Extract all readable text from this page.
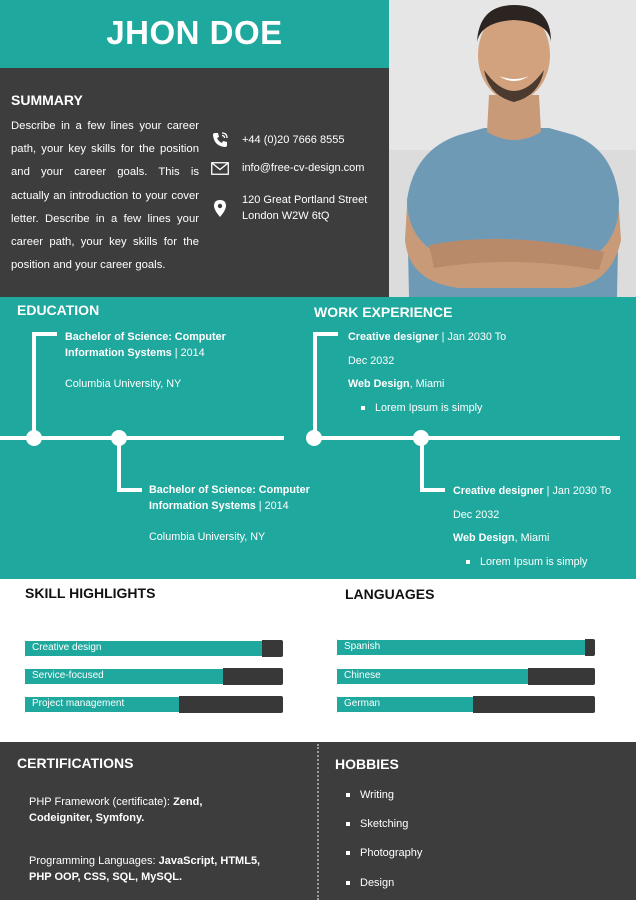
JHON DOE
SUMMARY
Describe in a few lines your career path, your key skills for the position and your career goals. This is actually an introduction to your cover letter. Describe in a few lines your career path, your key skills for the position and your career goals.
+44 (0)20 7666 8555
info@free-cv-design.com
120 Great Portland Street
London W2W 6tQ
EDUCATION	WORK EXPERIENCE
Bachelor of Science: Computer Information Systems | 2014
Columbia University, NY
Bachelor of Science: Computer Information Systems | 2014
Columbia University, NY
Creative designer | Jan 2030 To
Dec 2032
Web Design, Miami
Lorem Ipsum is simply
Creative designer | Jan 2030 To
Dec 2032
Web Design, Miami
Lorem Ipsum is simply
SKILL HIGHLIGHTS	LANGUAGES
Creative design
Service-focused
Project management
Spanish
Chinese
German
CERTIFICATIONS
PHP Framework (certificate): Zend,
Codeigniter, Symfony.
Programming Languages: JavaScript, HTML5,
PHP OOP, CSS, SQL, MySQL.
HOBBIES
Writing
Sketching
Photography
Design
